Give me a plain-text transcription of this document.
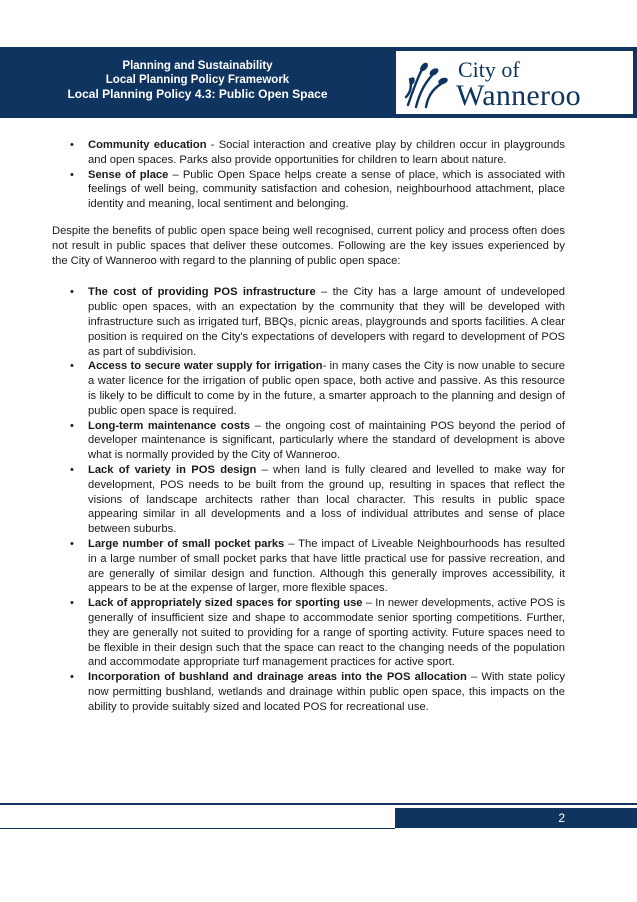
Planning and Sustainability
Local Planning Policy Framework
Local Planning Policy 4.3: Public Open Space
City of
Wanneroo
• Community education - Social interaction and creative play by children occur in playgrounds and open spaces. Parks also provide opportunities for children to learn about nature.
• Sense of place – Public Open Space helps create a sense of place, which is associated with feelings of well being, community satisfaction and cohesion, neighbourhood attachment, place identity and meaning, local sentiment and belonging.

Despite the benefits of public open space being well recognised, current policy and process often does not result in public spaces that deliver these outcomes. Following are the key issues experienced by the City of Wanneroo with regard to the planning of public open space:

• The cost of providing POS infrastructure – the City has a large amount of undeveloped public open spaces, with an expectation by the community that they will be developed with infrastructure such as irrigated turf, BBQs, picnic areas, playgrounds and sports facilities. A clear position is required on the City's expectations of developers with regard to development of POS as part of subdivision.
• Access to secure water supply for irrigation- in many cases the City is now unable to secure a water licence for the irrigation of public open space, both active and passive. As this resource is likely to be difficult to come by in the future, a smarter approach to the planning and design of public open space is required.
• Long-term maintenance costs – the ongoing cost of maintaining POS beyond the period of developer maintenance is significant, particularly where the standard of development is above what is normally provided by the City of Wanneroo.
• Lack of variety in POS design – when land is fully cleared and levelled to make way for development, POS needs to be built from the ground up, resulting in spaces that reflect the visions of landscape architects rather than local character. This results in public space appearing similar in all developments and a loss of individual attributes and sense of place between suburbs.
• Large number of small pocket parks – The impact of Liveable Neighbourhoods has resulted in a large number of small pocket parks that have little practical use for passive recreation, and are generally of similar design and function. Although this generally improves accessibility, it appears to be at the expense of larger, more flexible spaces.
• Lack of appropriately sized spaces for sporting use – In newer developments, active POS is generally of insufficient size and shape to accommodate senior sporting competitions. Further, they are generally not suited to providing for a range of sporting activity. Future spaces need to be flexible in their design such that the space can react to the changing needs of the population and accommodate appropriate turf management practices for active sport.
• Incorporation of bushland and drainage areas into the POS allocation – With state policy now permitting bushland, wetlands and drainage within public open space, this impacts on the ability to provide suitably sized and located POS for recreational use.
2
